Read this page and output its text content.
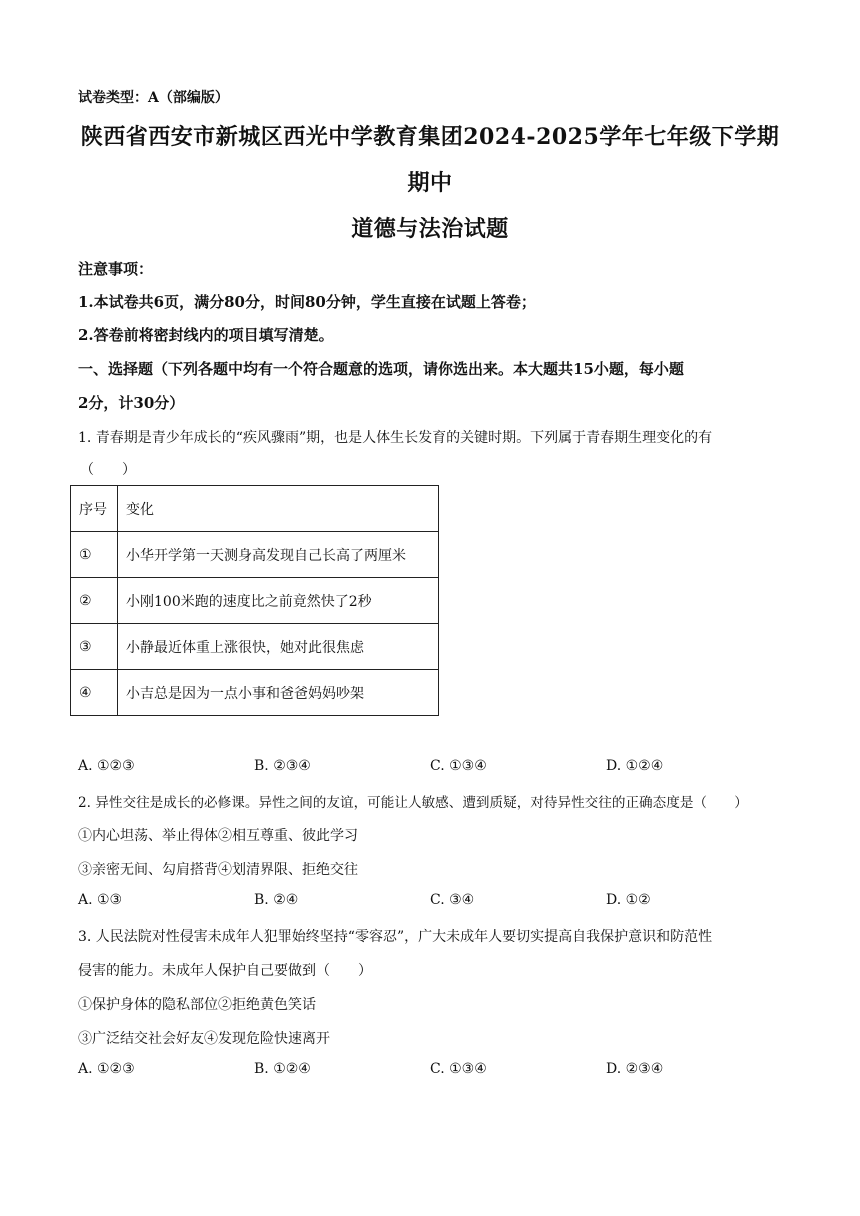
试卷类型：A（部编版）
陕西省西安市新城区西光中学教育集团2024-2025学年七年级下学期
期中
道德与法治试题
注意事项：
1.本试卷共6页，满分80分，时间80分钟，学生直接在试题上答卷；
2.答卷前将密封线内的项目填写清楚。
一、选择题（下列各题中均有一个符合题意的选项，请你选出来。本大题共15小题，每小题
2分，计30分）
1. 青春期是青少年成长的“疾风骤雨”期，也是人体生长发育的关键时期。下列属于青春期生理变化的有
（　　）
序号	变化
①	小华开学第一天测身高发现自己长高了两厘米
②	小刚100米跑的速度比之前竟然快了2秒
③	小静最近体重上涨很快，她对此很焦虑
④	小吉总是因为一点小事和爸爸妈妈吵架
A. ①②③	B. ②③④	C. ①③④	D. ①②④
2. 异性交往是成长的必修课。异性之间的友谊，可能让人敏感、遭到质疑，对待异性交往的正确态度是（　　）
①内心坦荡、举止得体②相互尊重、彼此学习
③亲密无间、勾肩搭背④划清界限、拒绝交往
A. ①③	B. ②④	C. ③④	D. ①②
3. 人民法院对性侵害未成年人犯罪始终坚持“零容忍”，广大未成年人要切实提高自我保护意识和防范性
侵害的能力。未成年人保护自己要做到（　　）
①保护身体的隐私部位②拒绝黄色笑话
③广泛结交社会好友④发现危险快速离开
A. ①②③	B. ①②④	C. ①③④	D. ②③④
